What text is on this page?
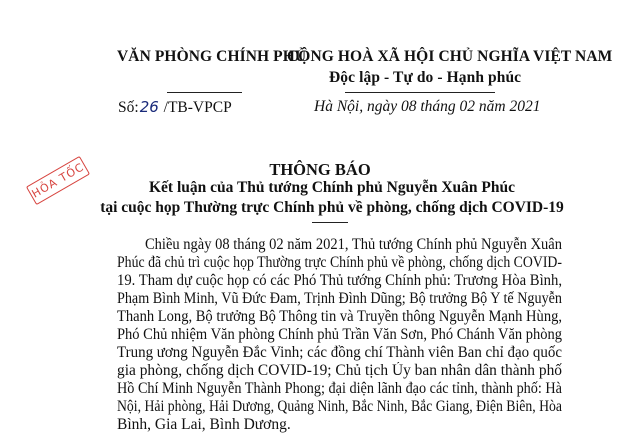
VĂN PHÒNG CHÍNH PHỦ
CỘNG HOÀ XÃ HỘI CHỦ NGHĨA VIỆT NAM
Độc lập - Tự do - Hạnh phúc
Số:26 /TB-VPCP	Hà Nội, ngày 08 tháng 02 năm 2021
HỎA TỐC	THÔNG BÁO
Kết luận của Thủ tướng Chính phủ Nguyễn Xuân Phúc
tại cuộc họp Thường trực Chính phủ về phòng, chống dịch COVID-19
Chiều ngày 08 tháng 02 năm 2021, Thủ tướng Chính phủ Nguyễn Xuân
Phúc đã chủ trì cuộc họp Thường trực Chính phủ về phòng, chống dịch COVID-
19. Tham dự cuộc họp có các Phó Thủ tướng Chính phủ: Trương Hòa Bình,
Phạm Bình Minh, Vũ Đức Đam, Trịnh Đình Dũng; Bộ trưởng Bộ Y tế Nguyễn
Thanh Long, Bộ trưởng Bộ Thông tin và Truyền thông Nguyễn Mạnh Hùng,
Phó Chủ nhiệm Văn phòng Chính phủ Trần Văn Sơn, Phó Chánh Văn phòng
Trung ương Nguyễn Đắc Vinh; các đồng chí Thành viên Ban chỉ đạo quốc
gia phòng, chống dịch COVID-19; Chủ tịch Ủy ban nhân dân thành phố
Hồ Chí Minh Nguyễn Thành Phong; đại diện lãnh đạo các tỉnh, thành phố: Hà
Nội, Hải phòng, Hải Dương, Quảng Ninh, Bắc Ninh, Bắc Giang, Điện Biên, Hòa
Bình, Gia Lai, Bình Dương.
